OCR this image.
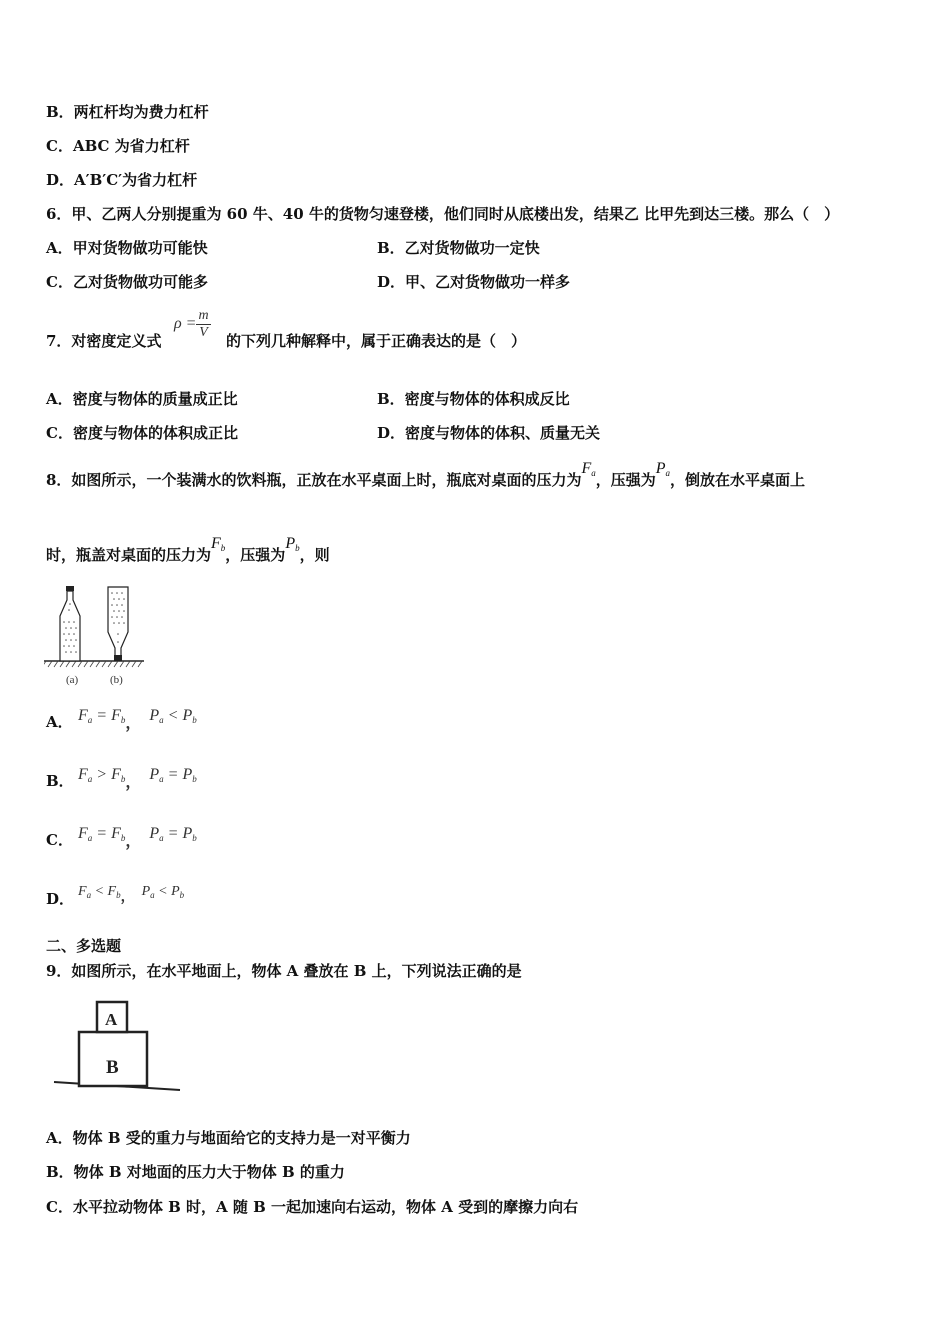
B．两杠杆均为费力杠杆
C．ABC 为省力杠杆
D．A′B′C′为省力杠杆
6．甲、乙两人分别提重为 60 牛、40 牛的货物匀速登楼，他们同时从底楼出发，结果乙 比甲先到达三楼。那么（　）
A．甲对货物做功可能快	B．乙对货物做功一定快
C．乙对货物做功可能多	D．甲、乙对货物做功一样多
7．对密度定义式
$\rho = \frac{m}{V}$ 的下列几种解释中，属于正确表达的是（　）
A．密度与物体的质量成正比	B．密度与物体的体积成反比
C．密度与物体的体积成正比	D．密度与物体的体积、质量无关
8．如图所示，一个装满水的饮料瓶，正放在水平桌面上时，瓶底对桌面的压力为$F_a$，压强为$P_a$，倒放在水平桌面上
时，瓶盖对桌面的压力为$F_b$，压强为$P_b$，则
(a)	(b)
A． $F_a = F_b$， $P_a < P_b$
B． $F_a > F_b$， $P_a = P_b$
C． $F_a = F_b$， $P_a = P_b$
D． $F_a < F_b$， $P_a < P_b$
二、多选题
9．如图所示，在水平地面上，物体 A 叠放在 B 上，下列说法正确的是
A
B
A．物体 B 受的重力与地面给它的支持力是一对平衡力
B．物体 B 对地面的压力大于物体 B 的重力
C．水平拉动物体 B 时，A 随 B 一起加速向右运动，物体 A 受到的摩擦力向右
